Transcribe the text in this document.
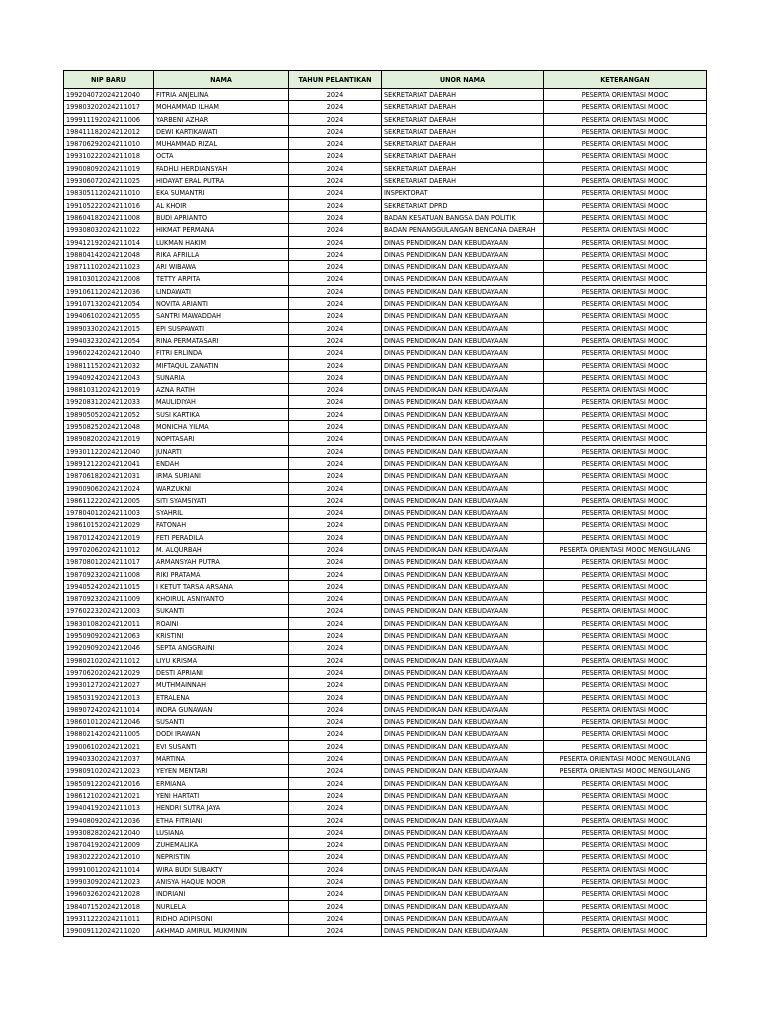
NIP BARU	NAMA	TAHUN PELANTIKAN	UNOR NAMA	KETERANGAN
199204072024212040	FITRIA ANJELINA	2024	SEKRETARIAT DAERAH	PESERTA ORIENTASI MOOC
199803202024211017	MOHAMMAD ILHAM	2024	SEKRETARIAT DAERAH	PESERTA ORIENTASI MOOC
199911192024211006	YARBENI AZHAR	2024	SEKRETARIAT DAERAH	PESERTA ORIENTASI MOOC
198411182024212012	DEWI KARTIKAWATI	2024	SEKRETARIAT DAERAH	PESERTA ORIENTASI MOOC
198706292024211010	MUHAMMAD RIZAL	2024	SEKRETARIAT DAERAH	PESERTA ORIENTASI MOOC
199310222024211018	OCTA	2024	SEKRETARIAT DAERAH	PESERTA ORIENTASI MOOC
199008092024211019	FADHLI HERDIANSYAH	2024	SEKRETARIAT DAERAH	PESERTA ORIENTASI MOOC
199306072024211025	HIDAYAT ERAL PUTRA	2024	SEKRETARIAT DAERAH	PESERTA ORIENTASI MOOC
198305112024211010	EKA SUMANTRI	2024	INSPEKTORAT	PESERTA ORIENTASI MOOC
199105222024211016	AL KHOIR	2024	SEKRETARIAT DPRD	PESERTA ORIENTASI MOOC
198604182024211008	BUDI APRIANTO	2024	BADAN KESATUAN BANGSA DAN POLITIK	PESERTA ORIENTASI MOOC
199308032024211022	HIKMAT PERMANA	2024	BADAN PENANGGULANGAN BENCANA DAERAH	PESERTA ORIENTASI MOOC
199412192024211014	LUKMAN HAKIM	2024	DINAS PENDIDIKAN DAN KEBUDAYAAN	PESERTA ORIENTASI MOOC
198804142024212048	RIKA AFRILLA	2024	DINAS PENDIDIKAN DAN KEBUDAYAAN	PESERTA ORIENTASI MOOC
198711102024211023	ARI WIBAWA	2024	DINAS PENDIDIKAN DAN KEBUDAYAAN	PESERTA ORIENTASI MOOC
198103012024212008	TETTY ARPITA	2024	DINAS PENDIDIKAN DAN KEBUDAYAAN	PESERTA ORIENTASI MOOC
199106112024212036	LINDAWATI	2024	DINAS PENDIDIKAN DAN KEBUDAYAAN	PESERTA ORIENTASI MOOC
199107132024212054	NOVITA ARIANTI	2024	DINAS PENDIDIKAN DAN KEBUDAYAAN	PESERTA ORIENTASI MOOC
199406102024212055	SANTRI MAWADDAH	2024	DINAS PENDIDIKAN DAN KEBUDAYAAN	PESERTA ORIENTASI MOOC
198903302024212015	EPI SUSPAWATI	2024	DINAS PENDIDIKAN DAN KEBUDAYAAN	PESERTA ORIENTASI MOOC
199403232024212054	RINA PERMATASARI	2024	DINAS PENDIDIKAN DAN KEBUDAYAAN	PESERTA ORIENTASI MOOC
199602242024212040	FITRI ERLINDA	2024	DINAS PENDIDIKAN DAN KEBUDAYAAN	PESERTA ORIENTASI MOOC
198811152024212032	MIFTAQUL ZANATIN	2024	DINAS PENDIDIKAN DAN KEBUDAYAAN	PESERTA ORIENTASI MOOC
199409242024212043	SUNARIA	2024	DINAS PENDIDIKAN DAN KEBUDAYAAN	PESERTA ORIENTASI MOOC
198810312024212019	AZNA RATIH	2024	DINAS PENDIDIKAN DAN KEBUDAYAAN	PESERTA ORIENTASI MOOC
199208312024212033	MAULIDIYAH	2024	DINAS PENDIDIKAN DAN KEBUDAYAAN	PESERTA ORIENTASI MOOC
198905052024212052	SUSI KARTIKA	2024	DINAS PENDIDIKAN DAN KEBUDAYAAN	PESERTA ORIENTASI MOOC
199508252024212048	MONICHA YILMA	2024	DINAS PENDIDIKAN DAN KEBUDAYAAN	PESERTA ORIENTASI MOOC
198908202024212019	NOPITASARI	2024	DINAS PENDIDIKAN DAN KEBUDAYAAN	PESERTA ORIENTASI MOOC
199301122024212040	JUNARTI	2024	DINAS PENDIDIKAN DAN KEBUDAYAAN	PESERTA ORIENTASI MOOC
198912122024212041	ENDAH	2024	DINAS PENDIDIKAN DAN KEBUDAYAAN	PESERTA ORIENTASI MOOC
198706182024212031	IRMA SURIANI	2024	DINAS PENDIDIKAN DAN KEBUDAYAAN	PESERTA ORIENTASI MOOC
199009062024212024	WARZUKNI	2024	DINAS PENDIDIKAN DAN KEBUDAYAAN	PESERTA ORIENTASI MOOC
198611222024212005	SITI SYAMSIYATI	2024	DINAS PENDIDIKAN DAN KEBUDAYAAN	PESERTA ORIENTASI MOOC
197804012024211003	SYAHRIL	2024	DINAS PENDIDIKAN DAN KEBUDAYAAN	PESERTA ORIENTASI MOOC
198610152024212029	FATONAH	2024	DINAS PENDIDIKAN DAN KEBUDAYAAN	PESERTA ORIENTASI MOOC
198701242024212019	FETI PERADILA	2024	DINAS PENDIDIKAN DAN KEBUDAYAAN	PESERTA ORIENTASI MOOC
199702062024211012	M. ALQURBAH	2024	DINAS PENDIDIKAN DAN KEBUDAYAAN	PESERTA ORIENTASI MOOC MENGULANG
198708012024211017	ARMANSYAH PUTRA	2024	DINAS PENDIDIKAN DAN KEBUDAYAAN	PESERTA ORIENTASI MOOC
198709232024211008	RIKI PRATAMA	2024	DINAS PENDIDIKAN DAN KEBUDAYAAN	PESERTA ORIENTASI MOOC
199405242024211015	I KETUT TARSA ARSANA	2024	DINAS PENDIDIKAN DAN KEBUDAYAAN	PESERTA ORIENTASI MOOC
198709232024211009	KHOIRUL ASNIYANTO	2024	DINAS PENDIDIKAN DAN KEBUDAYAAN	PESERTA ORIENTASI MOOC
197602232024212003	SUKANTI	2024	DINAS PENDIDIKAN DAN KEBUDAYAAN	PESERTA ORIENTASI MOOC
198301082024212011	ROAINI	2024	DINAS PENDIDIKAN DAN KEBUDAYAAN	PESERTA ORIENTASI MOOC
199509092024212063	KRISTINI	2024	DINAS PENDIDIKAN DAN KEBUDAYAAN	PESERTA ORIENTASI MOOC
199209092024212046	SEPTA ANGGRAINI	2024	DINAS PENDIDIKAN DAN KEBUDAYAAN	PESERTA ORIENTASI MOOC
199802102024211012	LIYU KRISMA	2024	DINAS PENDIDIKAN DAN KEBUDAYAAN	PESERTA ORIENTASI MOOC
199706202024212029	DESTI APRIANI	2024	DINAS PENDIDIKAN DAN KEBUDAYAAN	PESERTA ORIENTASI MOOC
199301272024212027	MUTHMAINNAH	2024	DINAS PENDIDIKAN DAN KEBUDAYAAN	PESERTA ORIENTASI MOOC
198503192024212013	ETRALENA	2024	DINAS PENDIDIKAN DAN KEBUDAYAAN	PESERTA ORIENTASI MOOC
198907242024211014	INDRA GUNAWAN	2024	DINAS PENDIDIKAN DAN KEBUDAYAAN	PESERTA ORIENTASI MOOC
198601012024212046	SUSANTI	2024	DINAS PENDIDIKAN DAN KEBUDAYAAN	PESERTA ORIENTASI MOOC
198802142024211005	DODI IRAWAN	2024	DINAS PENDIDIKAN DAN KEBUDAYAAN	PESERTA ORIENTASI MOOC
199006102024212021	EVI SUSANTI	2024	DINAS PENDIDIKAN DAN KEBUDAYAAN	PESERTA ORIENTASI MOOC
199403302024212037	MARTINA	2024	DINAS PENDIDIKAN DAN KEBUDAYAAN	PESERTA ORIENTASI MOOC MENGULANG
199809102024212023	YEYEN MENTARI	2024	DINAS PENDIDIKAN DAN KEBUDAYAAN	PESERTA ORIENTASI MOOC MENGULANG
198509122024212016	ERMIANA	2024	DINAS PENDIDIKAN DAN KEBUDAYAAN	PESERTA ORIENTASI MOOC
198612102024212021	YENI HARTATI	2024	DINAS PENDIDIKAN DAN KEBUDAYAAN	PESERTA ORIENTASI MOOC
199404192024211013	HENDRI SUTRA JAYA	2024	DINAS PENDIDIKAN DAN KEBUDAYAAN	PESERTA ORIENTASI MOOC
199408092024212036	ETHA FITRIANI	2024	DINAS PENDIDIKAN DAN KEBUDAYAAN	PESERTA ORIENTASI MOOC
199308282024212040	LUSIANA	2024	DINAS PENDIDIKAN DAN KEBUDAYAAN	PESERTA ORIENTASI MOOC
198704192024212009	ZUHEMALIKA	2024	DINAS PENDIDIKAN DAN KEBUDAYAAN	PESERTA ORIENTASI MOOC
198302222024212010	NEPRISTIN	2024	DINAS PENDIDIKAN DAN KEBUDAYAAN	PESERTA ORIENTASI MOOC
199910012024211014	WIRA BUDI SUBAKTY	2024	DINAS PENDIDIKAN DAN KEBUDAYAAN	PESERTA ORIENTASI MOOC
199903092024212023	ANISYA HAQUE NOOR	2024	DINAS PENDIDIKAN DAN KEBUDAYAAN	PESERTA ORIENTASI MOOC
199603262024212028	INDRIANI	2024	DINAS PENDIDIKAN DAN KEBUDAYAAN	PESERTA ORIENTASI MOOC
198407152024212018	NURLELA	2024	DINAS PENDIDIKAN DAN KEBUDAYAAN	PESERTA ORIENTASI MOOC
199311222024211011	RIDHO ADIPISONI	2024	DINAS PENDIDIKAN DAN KEBUDAYAAN	PESERTA ORIENTASI MOOC
199009112024211020	AKHMAD AMIRUL MUKMININ	2024	DINAS PENDIDIKAN DAN KEBUDAYAAN	PESERTA ORIENTASI MOOC
